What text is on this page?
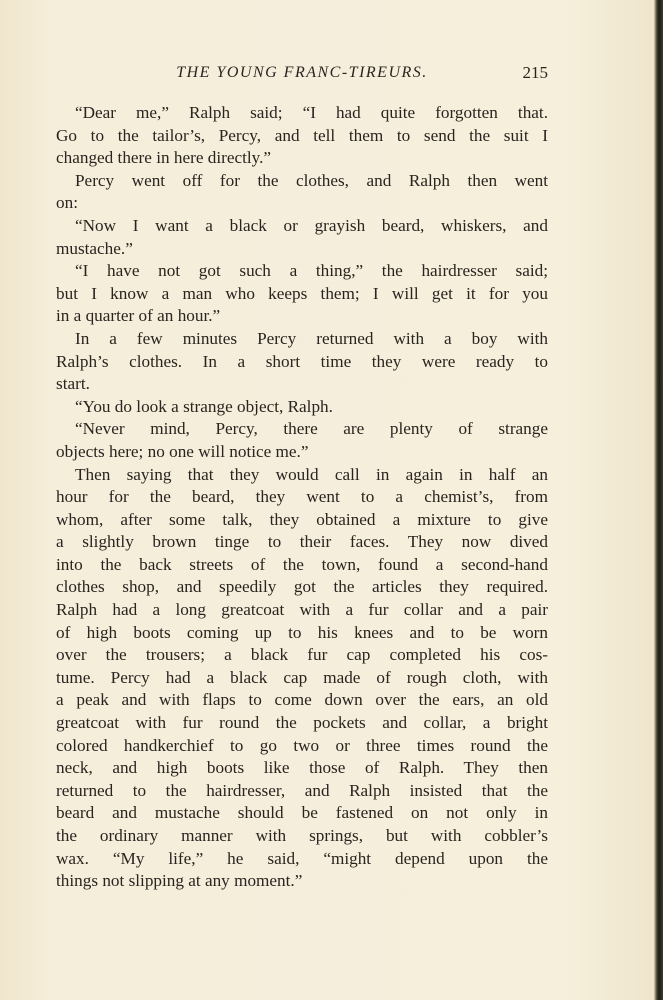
THE YOUNG FRANC-TIREURS.	215
“Dear me,” Ralph said; “I had quite forgotten that.
Go to the tailor’s, Percy, and tell them to send the suit I
changed there in here directly.”
Percy went off for the clothes, and Ralph then went
on:
“Now I want a black or grayish beard, whiskers, and
mustache.”
“I have not got such a thing,” the hairdresser said;
but I know a man who keeps them; I will get it for you
in a quarter of an hour.”
In a few minutes Percy returned with a boy with
Ralph’s clothes. In a short time they were ready to
start.
“You do look a strange object, Ralph.
“Never mind, Percy, there are plenty of strange
objects here; no one will notice me.”
Then saying that they would call in again in half an
hour for the beard, they went to a chemist’s, from
whom, after some talk, they obtained a mixture to give
a slightly brown tinge to their faces. They now dived
into the back streets of the town, found a second-hand
clothes shop, and speedily got the articles they required.
Ralph had a long greatcoat with a fur collar and a pair
of high boots coming up to his knees and to be worn
over the trousers; a black fur cap completed his cos-
tume. Percy had a black cap made of rough cloth, with
a peak and with flaps to come down over the ears, an old
greatcoat with fur round the pockets and collar, a bright
colored handkerchief to go two or three times round the
neck, and high boots like those of Ralph. They then
returned to the hairdresser, and Ralph insisted that the
beard and mustache should be fastened on not only in
the ordinary manner with springs, but with cobbler’s
wax. “My life,” he said, “might depend upon the
things not slipping at any moment.”
